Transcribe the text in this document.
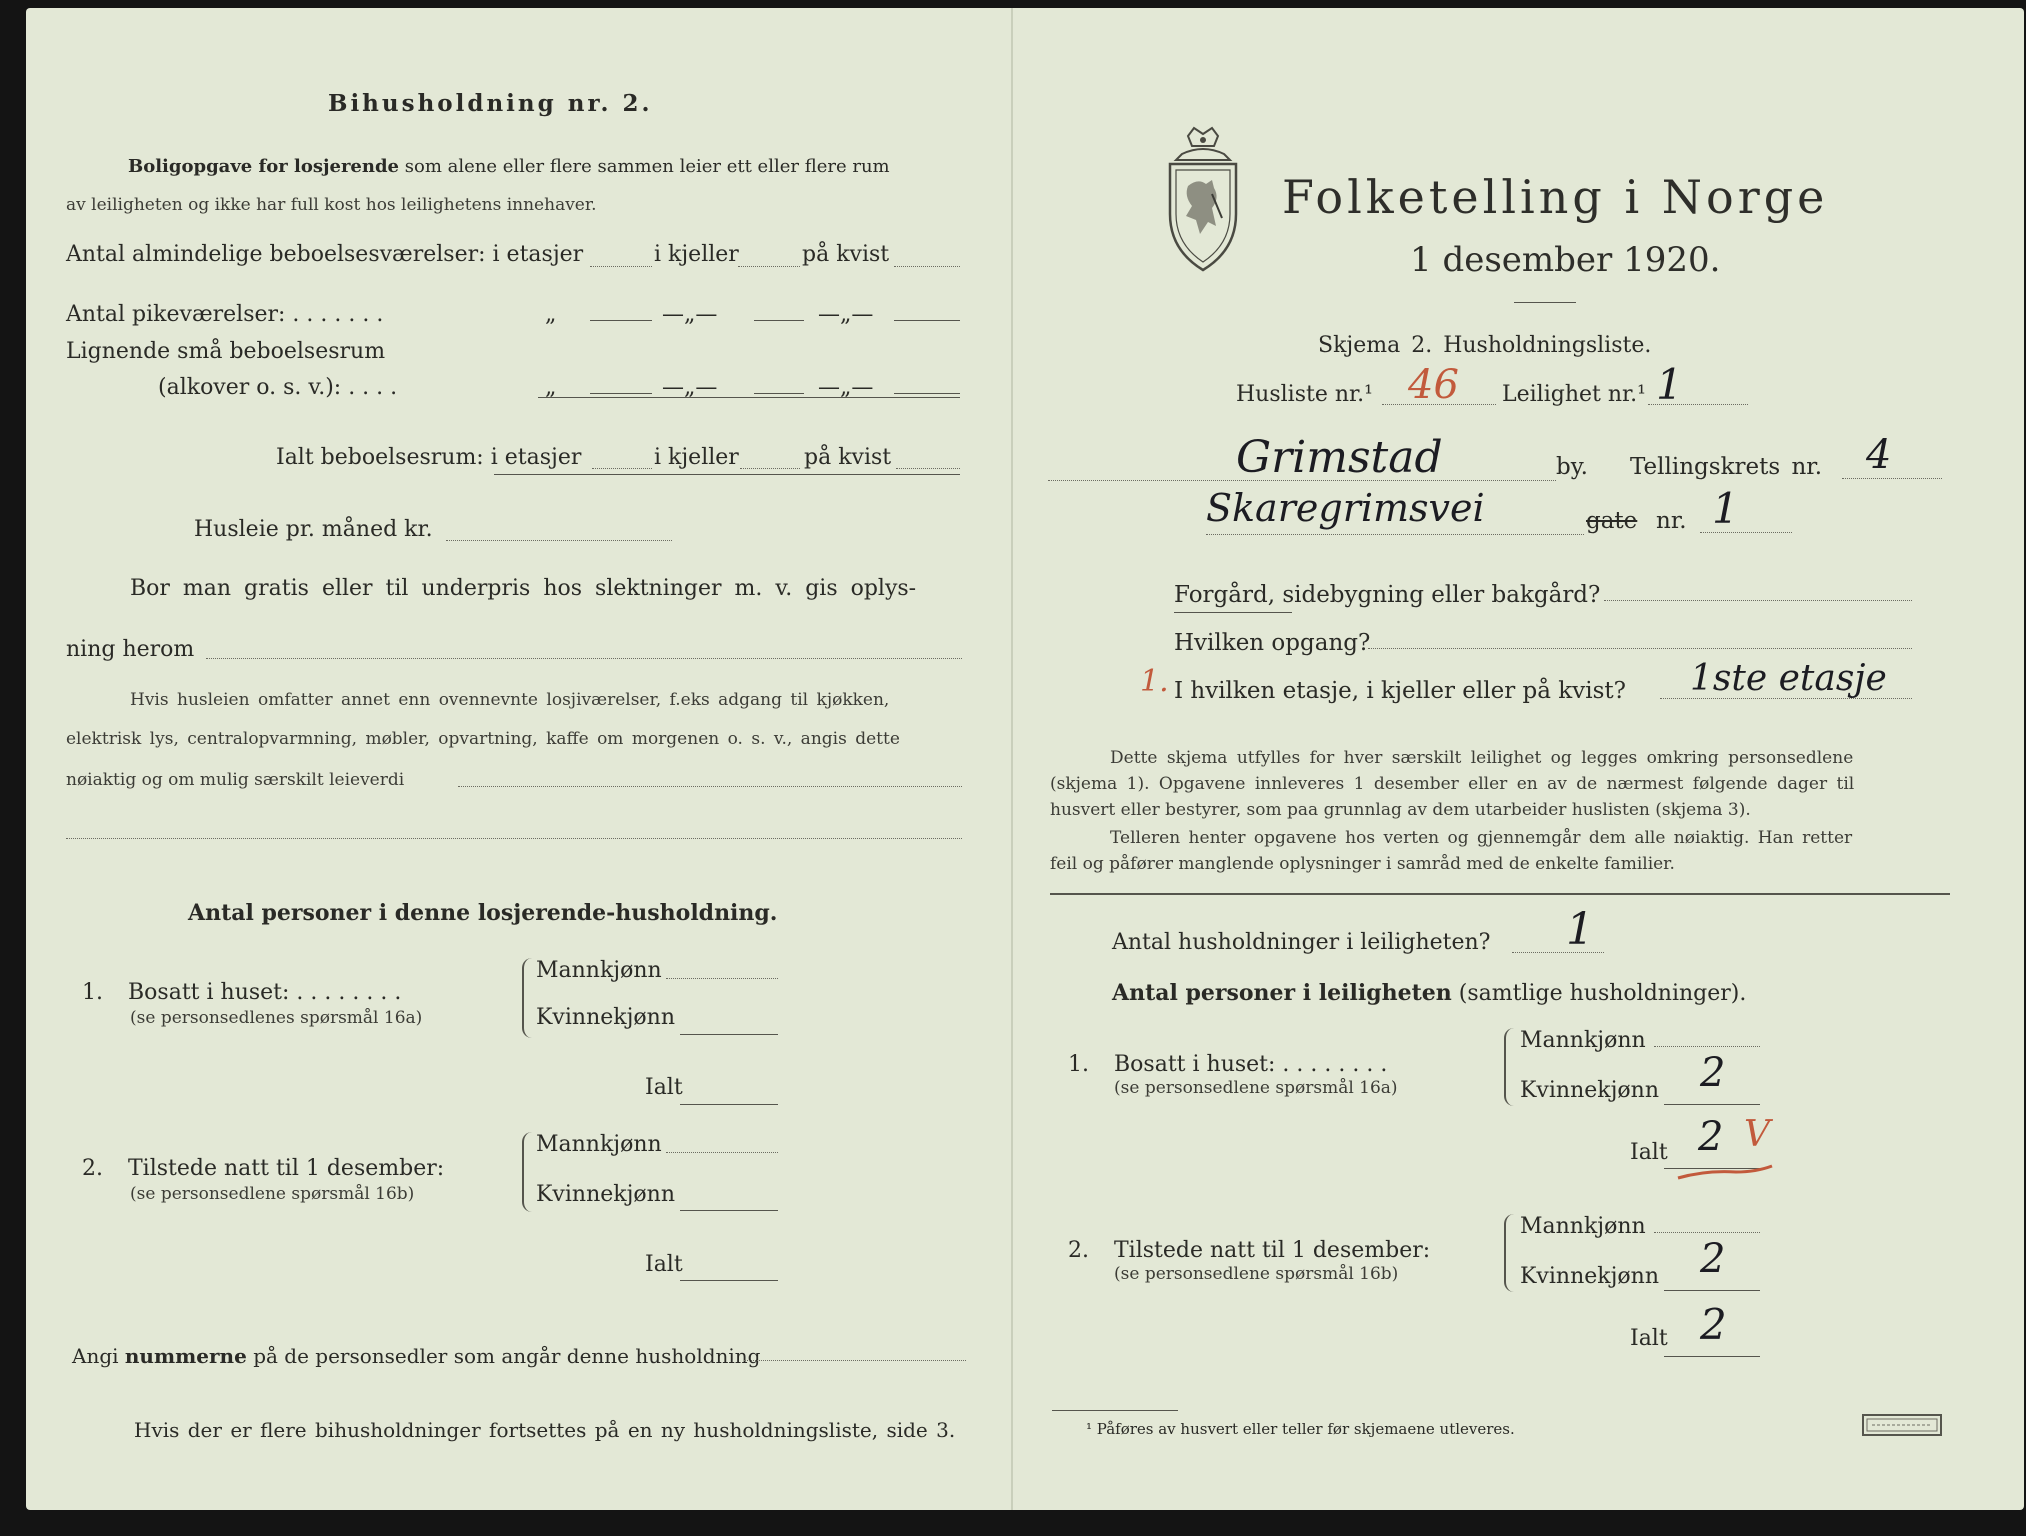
Bihusholdning nr. 2.
Boligopgave for losjerende som alene eller flere sammen leier ett eller flere rum
av leiligheten og ikke har full kost hos leilighetens innehaver.
Antal almindelige beboelsesværelser: i etasjer	i kjeller	på kvist
Antal pikeværelser: . . . . . . .	„	—„—	—„—
Lignende små beboelsesrum
(alkover o. s. v.): . . . .	„	—„—	—„—
Ialt beboelsesrum: i etasjer	i kjeller	på kvist
Husleie pr. måned kr.
Bor man gratis eller til underpris hos slektninger m. v. gis oplys-
ning herom
Hvis husleien omfatter annet enn ovennevnte losjiværelser, f.eks adgang til kjøkken,
elektrisk lys, centralopvarmning, møbler, opvartning, kaffe om morgenen o. s. v., angis dette
nøiaktig og om mulig særskilt leieverdi
Antal personer i denne losjerende-husholdning.
1. Bosatt i huset: . . . . . . . .
(se personsedlenes spørsmål 16a)
Mannkjønn
Kvinnekjønn
Ialt
2. Tilstede natt til 1 desember:
(se personsedlene spørsmål 16b)
Mannkjønn
Kvinnekjønn
Ialt
Angi nummerne på de personsedler som angår denne husholdning
Hvis der er flere bihusholdninger fortsettes på en ny husholdningsliste, side 3.
Folketelling i Norge
1 desember 1920.
Skjema 2. Husholdningsliste.
Husliste nr.¹ 46 Leilighet nr.¹ 1
Grimstad	by. Tellingskrets nr. 4
Skaregrimsvei	gate nr. 1
Forgård, sidebygning eller bakgård?
Hvilken opgang?
1. I hvilken etasje, i kjeller eller på kvist? 1ste etasje
Dette skjema utfylles for hver særskilt leilighet og legges omkring personsedlene
(skjema 1). Opgavene innleveres 1 desember eller en av de nærmest følgende dager til
husvert eller bestyrer, som paa grunnlag av dem utarbeider huslisten (skjema 3).
Telleren henter opgavene hos verten og gjennemgår dem alle nøiaktig. Han retter
feil og påfører manglende oplysninger i samråd med de enkelte familier.
Antal husholdninger i leiligheten? 1
Antal personer i leiligheten (samtlige husholdninger).
1. Bosatt i huset: . . . . . . . .
(se personsedlene spørsmål 16a)
Mannkjønn
Kvinnekjønn 2
Ialt 2 V
2. Tilstede natt til 1 desember:
(se personsedlene spørsmål 16b)
Mannkjønn
Kvinnekjønn 2
Ialt 2
¹ Påføres av husvert eller teller før skjemaene utleveres.
